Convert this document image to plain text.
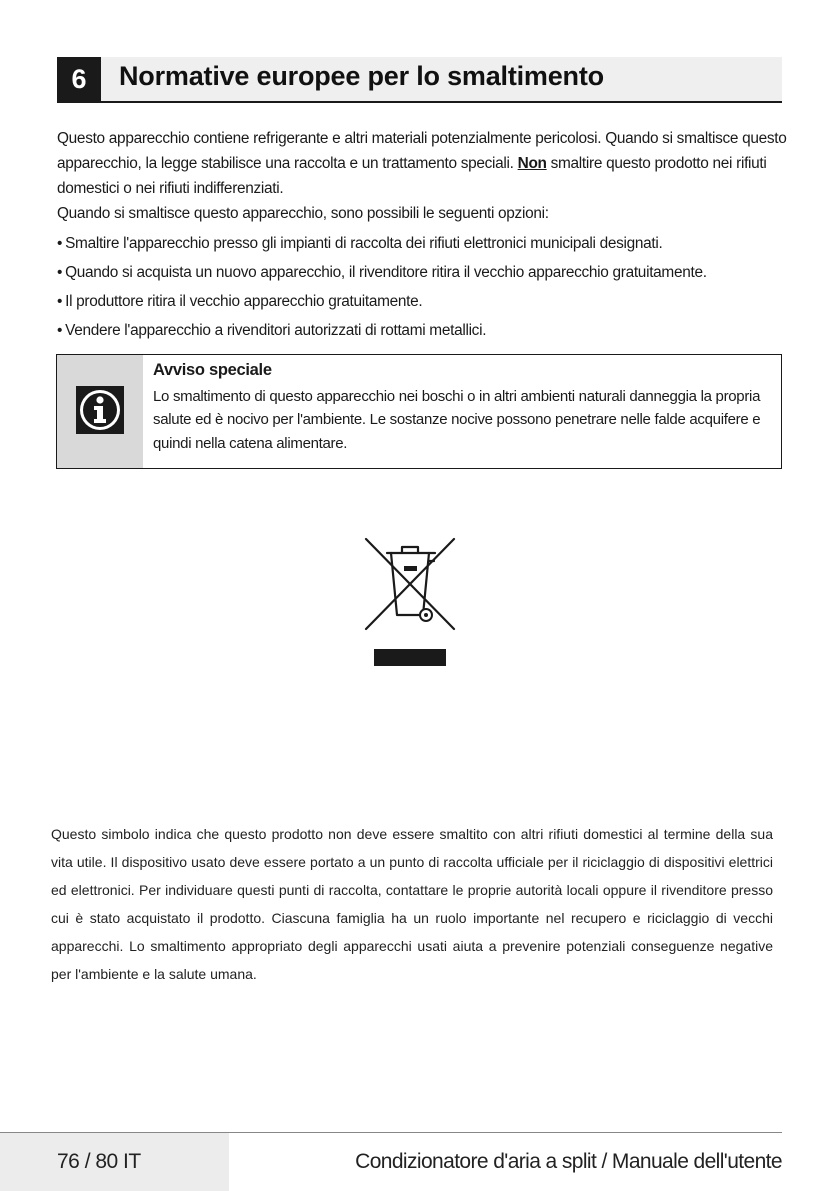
6	Normative europee per lo smaltimento

Questo apparecchio contiene refrigerante e altri materiali potenzialmente pericolosi. Quando si smaltisce questo apparecchio, la legge stabilisce una raccolta e un trattamento speciali. Non smaltire questo prodotto nei rifiuti domestici o nei rifiuti indifferenziati.

Quando si smaltisce questo apparecchio, sono possibili le seguenti opzioni:

• Smaltire l'apparecchio presso gli impianti di raccolta dei rifiuti elettronici municipali designati.
• Quando si acquista un nuovo apparecchio, il rivenditore ritira il vecchio apparecchio gratuitamente.
• Il produttore ritira il vecchio apparecchio gratuitamente.
• Vendere l'apparecchio a rivenditori autorizzati di rottami metallici.
Avviso speciale
Lo smaltimento di questo apparecchio nei boschi o in altri ambienti naturali danneggia la propria salute ed è nocivo per l'ambiente. Le sostanze nocive possono penetrare nelle falde acquifere e quindi nella catena alimentare.
Questo simbolo indica che questo prodotto non deve essere smaltito con altri rifiuti domestici al termine della sua vita utile. Il dispositivo usato deve essere portato a un punto di raccolta ufficiale per il riciclaggio di dispositivi elettrici ed elettronici. Per individuare questi punti di raccolta, contattare le proprie autorità locali oppure il rivenditore presso cui è stato acquistato il prodotto. Ciascuna famiglia ha un ruolo importante nel recupero e riciclaggio di vecchi apparecchi. Lo smaltimento appropriato degli apparecchi usati aiuta a prevenire potenziali conseguenze negative per l'ambiente e la salute umana.
76 / 80 IT	Condizionatore d'aria a split / Manuale dell'utente
